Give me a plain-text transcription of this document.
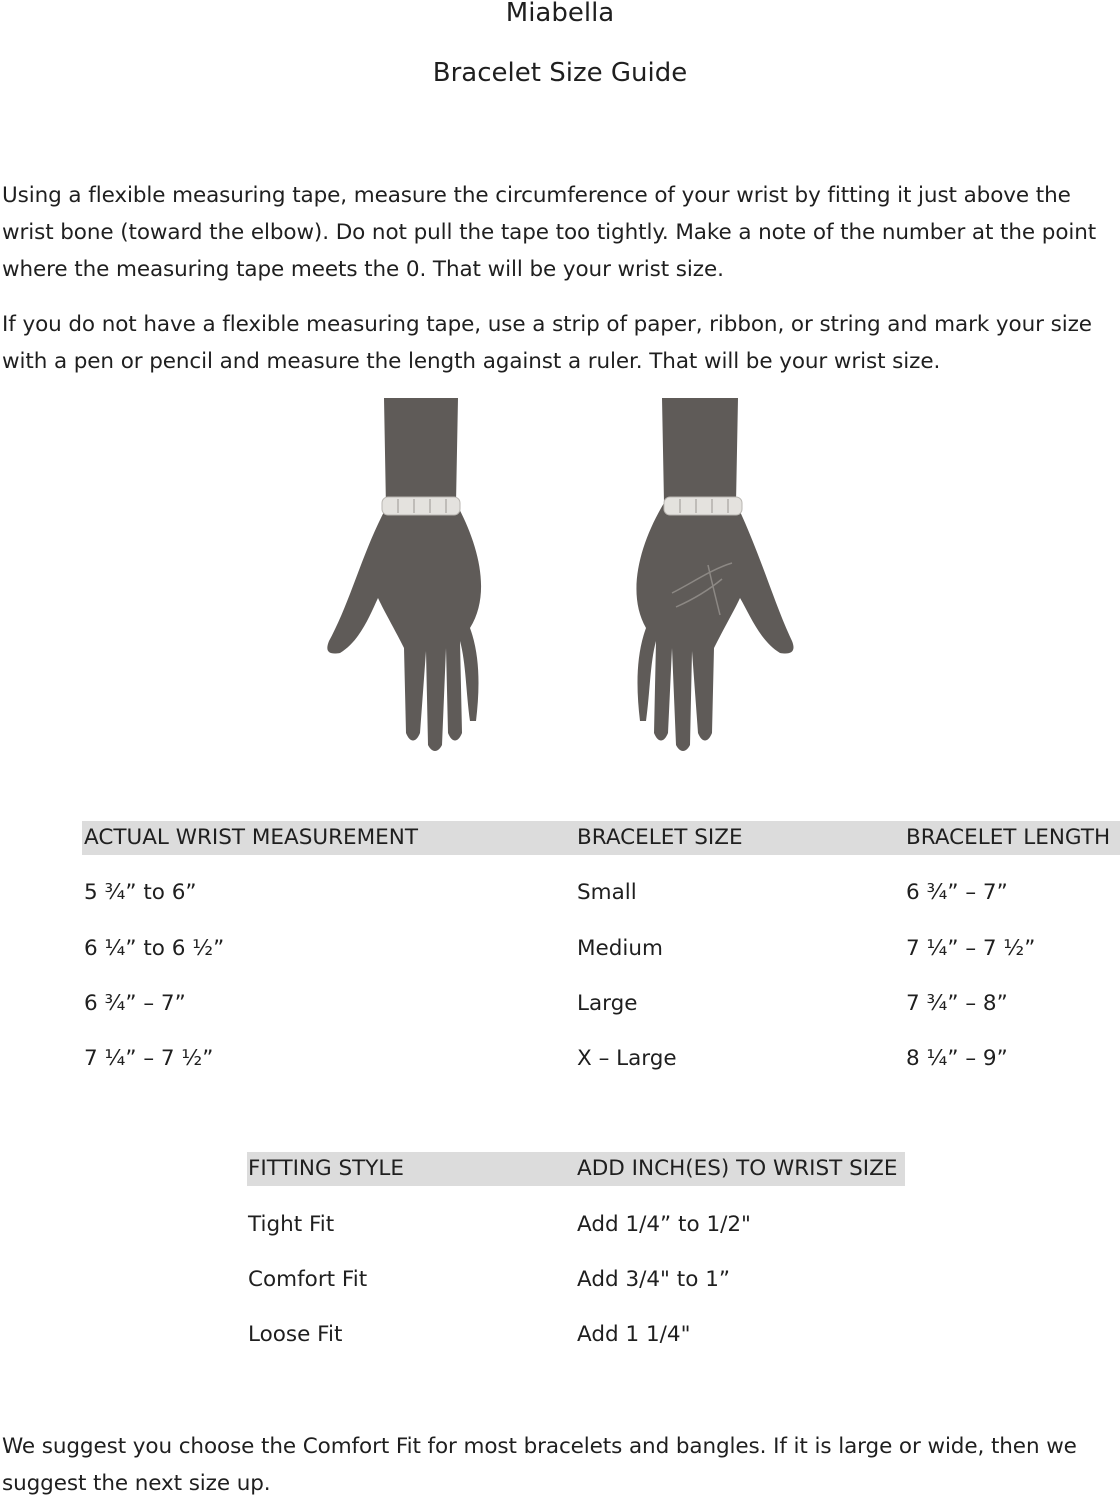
Miabella
Bracelet Size Guide

Using a flexible measuring tape, measure the circumference of your wrist by fitting it just above the wrist bone (toward the elbow). Do not pull the tape too tightly. Make a note of the number at the point where the measuring tape meets the 0. That will be your wrist size.

If you do not have a flexible measuring tape, use a strip of paper, ribbon, or string and mark your size with a pen or pencil and measure the length against a ruler. That will be your wrist size.

ACTUAL WRIST MEASUREMENT	BRACELET SIZE	BRACELET LENGTH
5 ¾” to 6”	Small	6 ¾” – 7”
6 ¼” to 6 ½”	Medium	7 ¼” – 7 ½”
6 ¾” – 7”	Large	7 ¾” – 8”
7 ¼” – 7 ½”	X – Large	8 ¼” – 9”
FITTING STYLE	ADD INCH(ES) TO WRIST SIZE
Tight Fit	Add 1/4” to 1/2"
Comfort Fit	Add 3/4" to 1”
Loose Fit	Add 1 1/4"

We suggest you choose the Comfort Fit for most bracelets and bangles. If it is large or wide, then we suggest the next size up.
